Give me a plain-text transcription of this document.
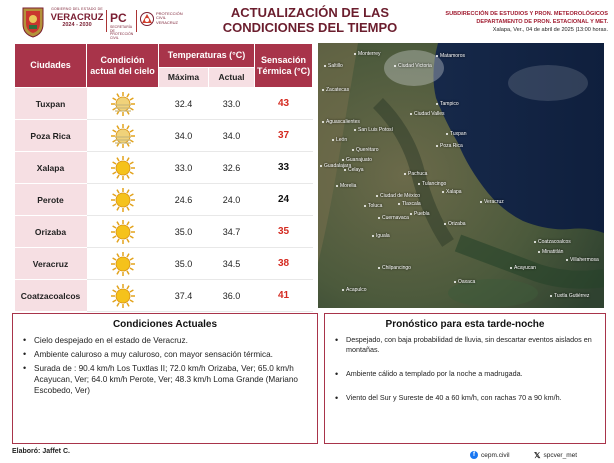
GOBIERNO DEL ESTADO DE
VERACRUZ
2024 - 2030	PC
SECRETARÍA DE PROTECCIÓN CIVIL
PROTECCIÓN CIVIL VERACRUZ
ACTUALIZACIÓN DE LAS
CONDICIONES DEL TIEMPO
SUBDIRECCIÓN DE ESTUDIOS Y PRON. METEOROLÓGICOS
DEPARTAMENTO DE PRON. ESTACIONAL Y MET.
Xalapa, Ver., 04 de abril de 2025 |13:00 horas.
Ciudades	Condición actual del cielo	Temperaturas (°C)		Sensación Térmica (°C)
		Máxima	Actual	
Tuxpan		32.4	33.0	43
Poza Rica		34.0	34.0	37
Xalapa		33.0	32.6	33
Perote		24.6	24.0	24
Orizaba		35.0	34.7	35
Veracruz		35.0	34.5	38
Coatzacoalcos		37.4	36.0	41
Monterrey
Ciudad Victoria
Ciudad Valles
Tampico
Tuxpan
Poza Rica
Pachuca
Xalapa
Veracruz
Ciudad de México
Puebla
Orizaba
Tlaxcala
Oaxaca
Coatzacoalcos
Villahermosa
Tuxtla Gutiérrez
Querétaro
San Luis Potosí
Zacatecas
Aguascalientes
Guadalajara
Morelia
León
Guanajuato
Celaya
Toluca
Cuernavaca
Iguala
Chilpancingo
Acapulco
Tulancingo
Matamoros
Saltillo
Acayucan
Minatitlán
Condiciones Actuales
• Cielo despejado en el estado de Veracruz.
• Ambiente caluroso a muy caluroso, con mayor sensación térmica.
• Surada de : 90.4 km/h Los Tuxtlas II; 72.0 km/h Orizaba, Ver; 65.0 km/h Acayucan, Ver; 64.0 km/h Perote, Ver; 48.3 km/h Loma Grande (Mariano Escobedo, Ver)
Pronóstico para esta tarde-noche
• Despejado, con baja probabilidad de lluvia, sin descartar eventos aislados en montañas.
• Ambiente cálido a templado por la noche a madrugada.
• Viento del Sur y Sureste de 40 a 60 km/h, con rachas 70 a 90 km/h.
Elaboró: Jaffet C.	f cepm.civil	𝕏 spcver_met
